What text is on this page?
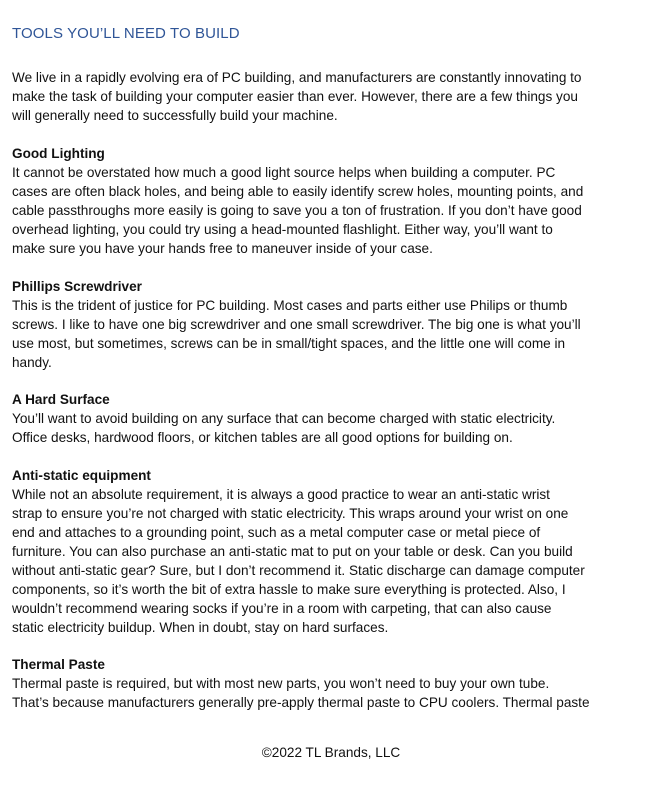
TOOLS YOU’LL NEED TO BUILD

We live in a rapidly evolving era of PC building, and manufacturers are constantly innovating to
make the task of building your computer easier than ever. However, there are a few things you
will generally need to successfully build your machine.

Good Lighting
It cannot be overstated how much a good light source helps when building a computer. PC
cases are often black holes, and being able to easily identify screw holes, mounting points, and
cable passthroughs more easily is going to save you a ton of frustration. If you don’t have good
overhead lighting, you could try using a head-mounted flashlight. Either way, you’ll want to
make sure you have your hands free to maneuver inside of your case.
Phillips Screwdriver
This is the trident of justice for PC building. Most cases and parts either use Philips or thumb
screws. I like to have one big screwdriver and one small screwdriver. The big one is what you’ll
use most, but sometimes, screws can be in small/tight spaces, and the little one will come in
handy.
A Hard Surface
You’ll want to avoid building on any surface that can become charged with static electricity.
Office desks, hardwood floors, or kitchen tables are all good options for building on.
Anti-static equipment
While not an absolute requirement, it is always a good practice to wear an anti-static wrist
strap to ensure you’re not charged with static electricity. This wraps around your wrist on one
end and attaches to a grounding point, such as a metal computer case or metal piece of
furniture. You can also purchase an anti-static mat to put on your table or desk. Can you build
without anti-static gear? Sure, but I don’t recommend it. Static discharge can damage computer
components, so it’s worth the bit of extra hassle to make sure everything is protected. Also, I
wouldn’t recommend wearing socks if you’re in a room with carpeting, that can also cause
static electricity buildup. When in doubt, stay on hard surfaces.
Thermal Paste
Thermal paste is required, but with most new parts, you won’t need to buy your own tube.
That’s because manufacturers generally pre-apply thermal paste to CPU coolers. Thermal paste
©2022 TL Brands, LLC
